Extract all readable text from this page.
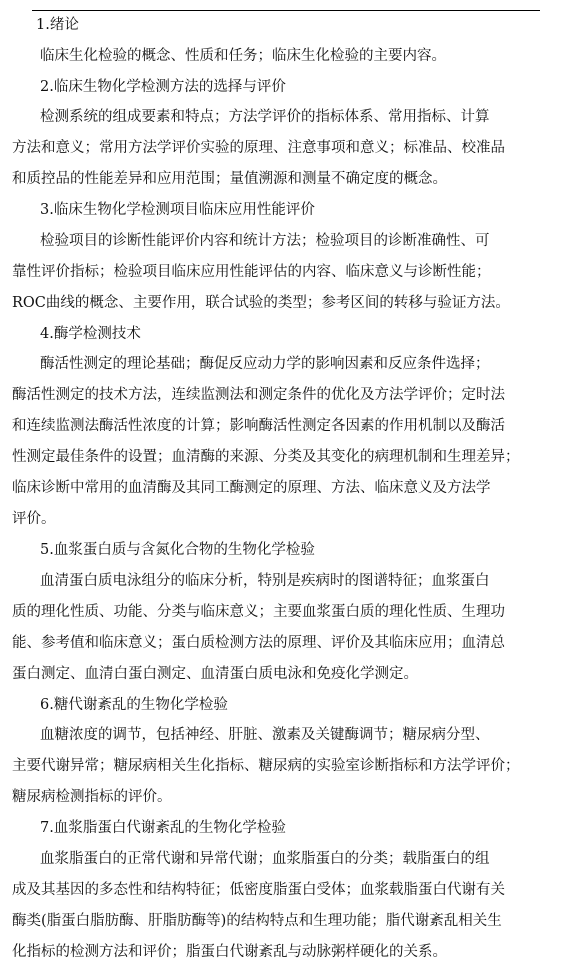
1.绪论
临床生化检验的概念、性质和任务；临床生化检验的主要内容。
2.临床生物化学检测方法的选择与评价
检测系统的组成要素和特点；方法学评价的指标体系、常用指标、计算
方法和意义；常用方法学评价实验的原理、注意事项和意义；标准品、校准品
和质控品的性能差异和应用范围；量值溯源和测量不确定度的概念。
3.临床生物化学检测项目临床应用性能评价
检验项目的诊断性能评价内容和统计方法；检验项目的诊断准确性、可
靠性评价指标；检验项目临床应用性能评估的内容、临床意义与诊断性能；
ROC曲线的概念、主要作用，联合试验的类型；参考区间的转移与验证方法。
4.酶学检测技术
酶活性测定的理论基础；酶促反应动力学的影响因素和反应条件选择；
酶活性测定的技术方法，连续监测法和测定条件的优化及方法学评价；定时法
和连续监测法酶活性浓度的计算；影响酶活性测定各因素的作用机制以及酶活
性测定最佳条件的设置；血清酶的来源、分类及其变化的病理机制和生理差异；
临床诊断中常用的血清酶及其同工酶测定的原理、方法、临床意义及方法学
评价。
5.血浆蛋白质与含氮化合物的生物化学检验
血清蛋白质电泳组分的临床分析，特别是疾病时的图谱特征；血浆蛋白
质的理化性质、功能、分类与临床意义；主要血浆蛋白质的理化性质、生理功
能、参考值和临床意义；蛋白质检测方法的原理、评价及其临床应用；血清总
蛋白测定、血清白蛋白测定、血清蛋白质电泳和免疫化学测定。
6.糖代谢紊乱的生物化学检验
血糖浓度的调节，包括神经、肝脏、激素及关键酶调节；糖尿病分型、
主要代谢异常；糖尿病相关生化指标、糖尿病的实验室诊断指标和方法学评价；
糖尿病检测指标的评价。
7.血浆脂蛋白代谢紊乱的生物化学检验
血浆脂蛋白的正常代谢和异常代谢；血浆脂蛋白的分类；载脂蛋白的组
成及其基因的多态性和结构特征；低密度脂蛋白受体；血浆载脂蛋白代谢有关
酶类(脂蛋白脂肪酶、肝脂肪酶等)的结构特点和生理功能；脂代谢紊乱相关生
化指标的检测方法和评价；脂蛋白代谢紊乱与动脉粥样硬化的关系。
